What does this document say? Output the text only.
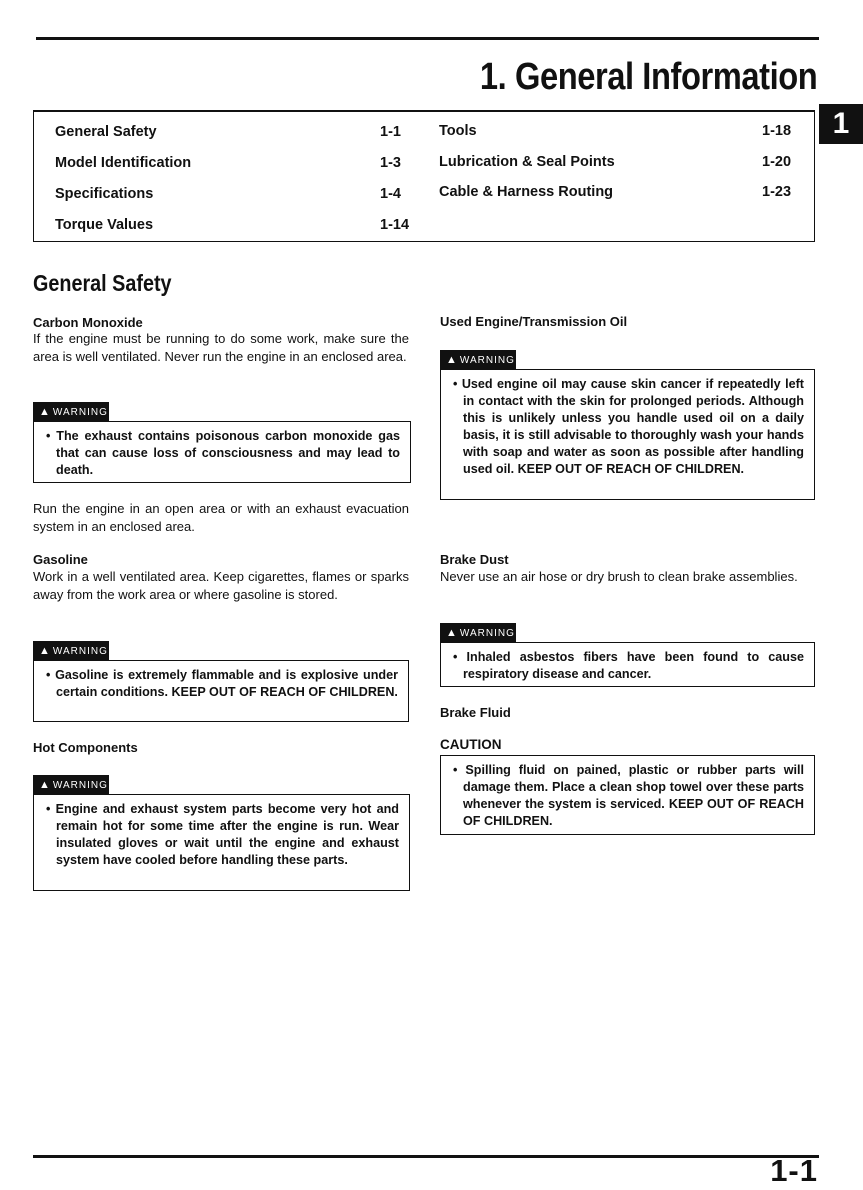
1. General Information
1
General Safety	1-1
Model Identification	1-3
Specifications	1-4
Torque Values	1-14
Tools	1-18
Lubrication & Seal Points	1-20
Cable & Harness Routing	1-23
General Safety
Carbon Monoxide
If the engine must be running to do some work, make sure the area is well ventilated. Never run the engine in an enclosed area.
▲ WARNING
• The exhaust contains poisonous carbon monoxide gas that can cause loss of consciousness and may lead to death.
Run the engine in an open area or with an exhaust evacuation system in an enclosed area.
Gasoline
Work in a well ventilated area. Keep cigarettes, flames or sparks away from the work area or where gasoline is stored.
▲ WARNING
• Gasoline is extremely flammable and is explosive under certain conditions. KEEP OUT OF REACH OF CHILDREN.
Hot Components
▲ WARNING
• Engine and exhaust system parts become very hot and remain hot for some time after the engine is run. Wear insulated gloves or wait until the engine and exhaust system have cooled before handling these parts.
Used Engine/Transmission Oil
▲ WARNING
• Used engine oil may cause skin cancer if repeatedly left in contact with the skin for prolonged periods. Although this is unlikely unless you handle used oil on a daily basis, it is still advisable to thoroughly wash your hands with soap and water as soon as possible after handling used oil. KEEP OUT OF REACH OF CHILDREN.
Brake Dust
Never use an air hose or dry brush to clean brake assemblies.
▲ WARNING
• Inhaled asbestos fibers have been found to cause respiratory disease and cancer.
Brake Fluid
CAUTION
• Spilling fluid on pained, plastic or rubber parts will damage them. Place a clean shop towel over these parts whenever the system is serviced. KEEP OUT OF REACH OF CHILDREN.
1-1
